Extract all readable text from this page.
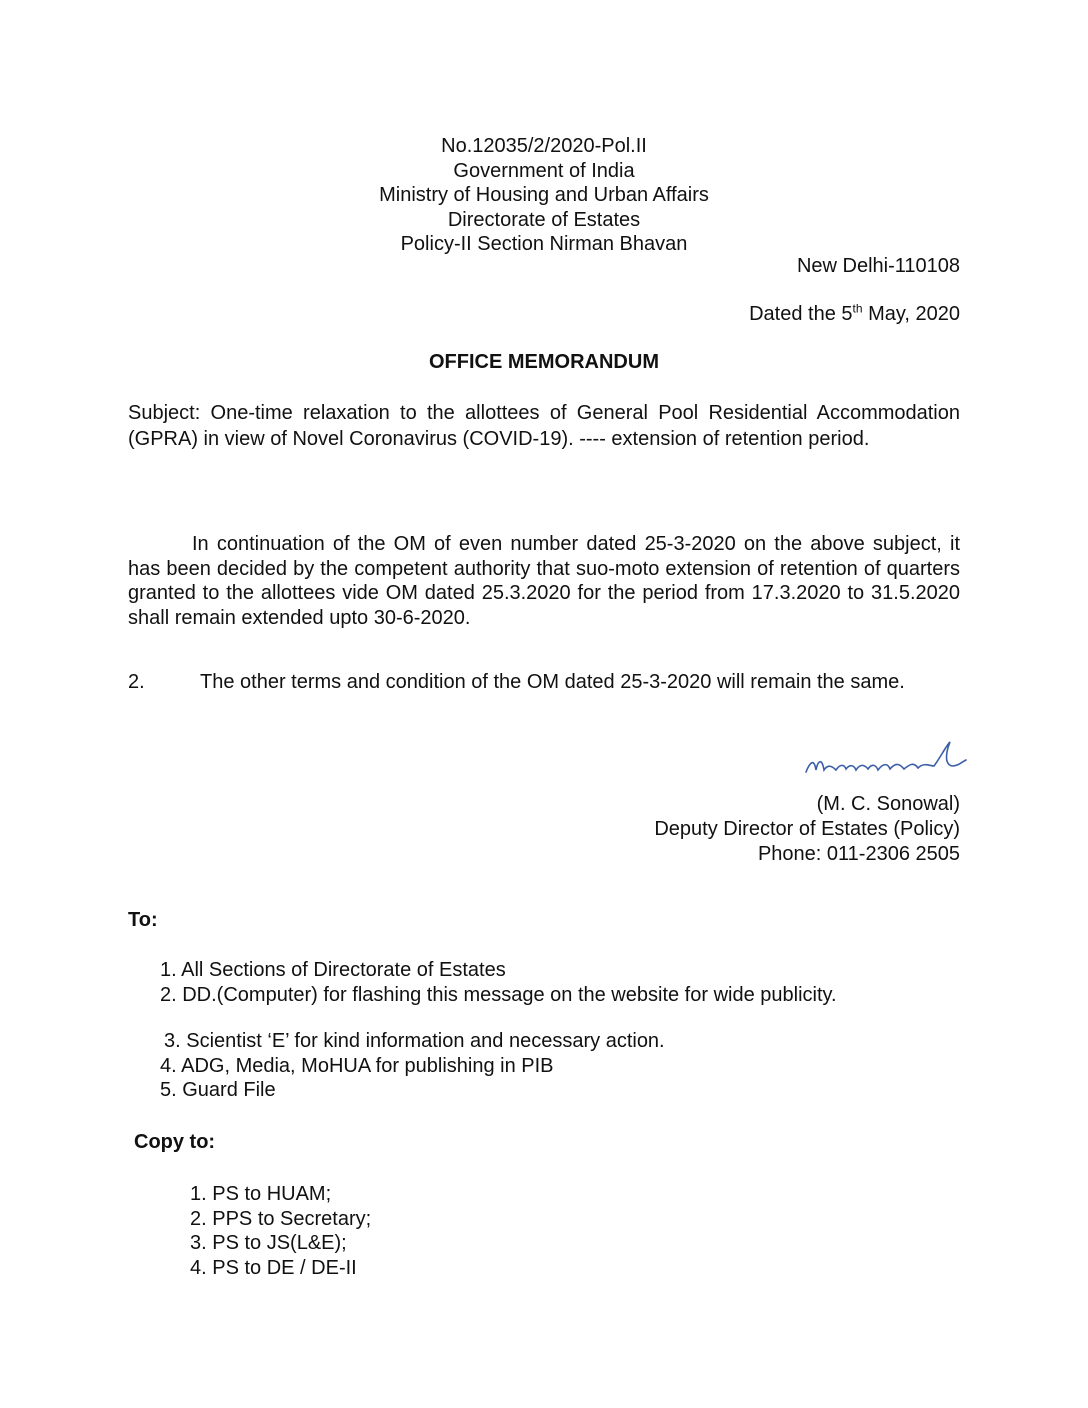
No.12035/2/2020-Pol.II
Government of India
Ministry of Housing and Urban Affairs
Directorate of Estates
Policy-II Section Nirman Bhavan
New Delhi-110108
Dated the 5th May, 2020
OFFICE MEMORANDUM
Subject: One-time relaxation to the allottees of General Pool Residential Accommodation (GPRA) in view of Novel Coronavirus (COVID-19). ---- extension of retention period.
In continuation of the OM of even number dated 25-3-2020 on the above subject, it has been decided by the competent authority that suo-moto extension of retention of quarters granted to the allottees vide OM dated 25.3.2020 for the period from 17.3.2020 to 31.5.2020 shall remain extended upto 30-6-2020.
2.	The other terms and condition of the OM dated 25-3-2020 will remain the same.
(M. C. Sonowal)
Deputy Director of Estates (Policy)
Phone: 011-2306 2505
To:
1. All Sections of Directorate of Estates
2. DD.(Computer) for flashing this message on the website for wide publicity.
3. Scientist ‘E’ for kind information and necessary action.
4. ADG, Media, MoHUA for publishing in PIB
5. Guard File
Copy to:
1. PS to HUAM;
2. PPS to Secretary;
3. PS to JS(L&E);
4. PS to DE / DE-II
